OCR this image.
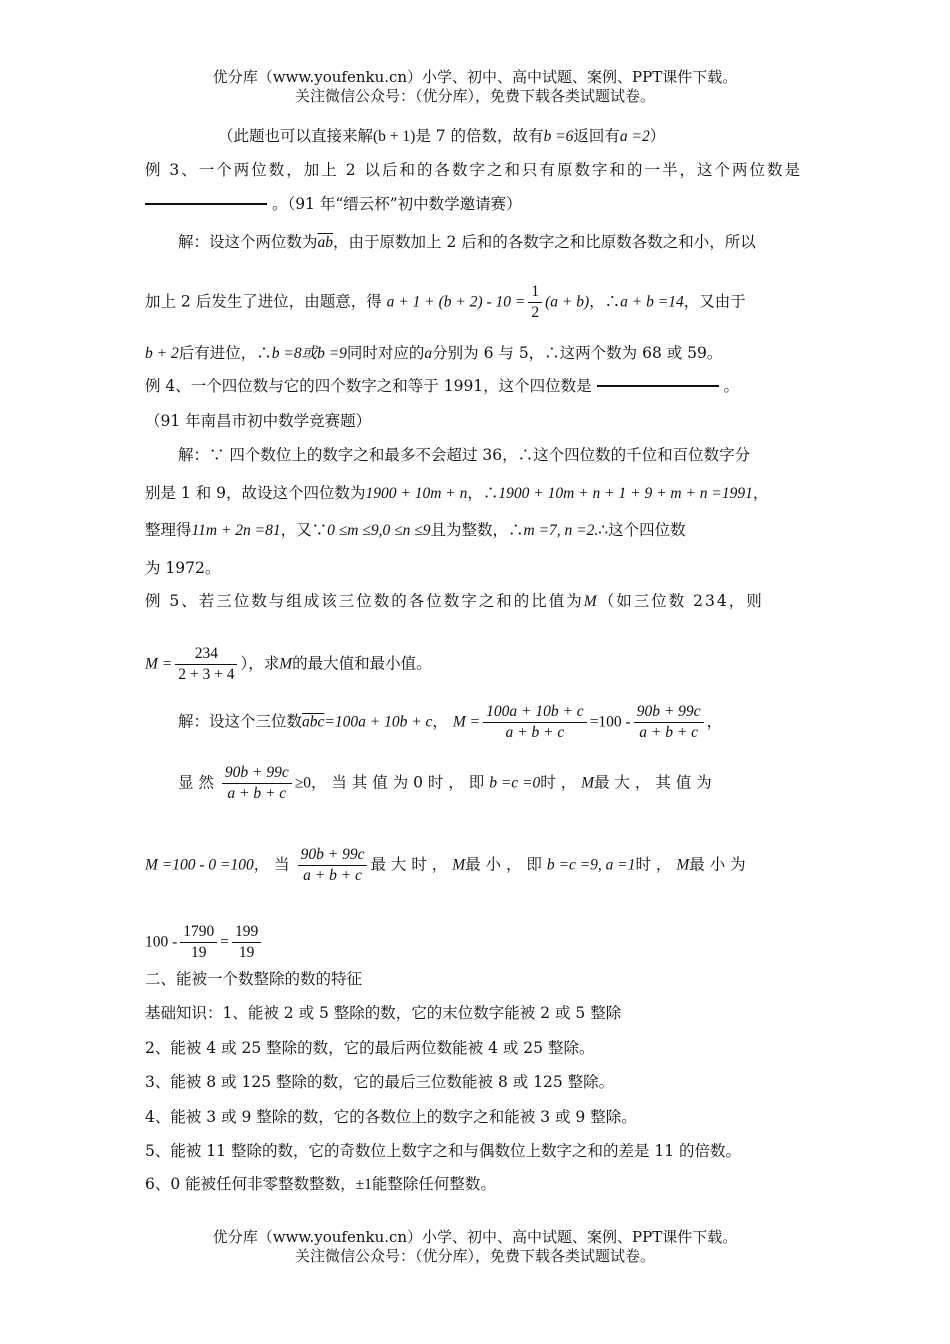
优分库（www.youfenku.cn）小学、初中、高中试题、案例、PPT课件下载。
关注微信公众号：（优分库），免费下载各类试题试卷。
（此题也可以直接来解(b + 1)是 7 的倍数，故有b =6返回有a =2）
例 3、一个两位数，加上 2 以后和的各数字之和只有原数字和的一半，这个两位数是
。（91 年“缙云杯”初中数学邀请赛）
解：设这个两位数为$\overline{ab}$，由于原数加上 2 后和的各数字之和比原数各数之和小，所以
加上 2 后发生了进位，由题意，得 $a + 1 + (b + 2) - 10 = \frac{1}{2} (a + b)$，∴a + b =14，又由于
b + 2后有进位，∴b =8或b =9同时对应的a分别为 6 与 5，∴这两个数为 68 或 59。
例 4、一个四位数与它的四个数字之和等于 1991，这个四位数是	。
（91 年南昌市初中数学竞赛题）
解：∵ 四个数位上的数字之和最多不会超过 36，∴这个四位数的千位和百位数字分
别是 1 和 9，故设这个四位数为1900 + 10m + n，∴1900 + 10m + n + 1 + 9 + m + n =1991，
整理得11m + 2n =81，又∵0 ≤m ≤9,0 ≤n ≤9且为整数，∴m =7, n =2.∴这个四位数
为 1972。
例 5、若三位数与组成该三位数的各位数字之和的比值为M（如三位数 234，则
$M = \frac{234}{2 + 3 + 4}$ ），求M的最大值和最小值。
解：设这个三位数$\overline{abc}=100a + 10b + c$， $M = \frac{100a + 10b + c}{a + b + c} =100 - \frac{90b + 99c}{a + b + c}$ ，
显 然 $\frac{90b + 99c}{a + b + c} \ge 0$， 当 其 值 为 0 时 ， 即 b =c =0时 ， M最 大 ， 其 值 为
M =100 - 0 =100， 当 $\frac{90b + 99c}{a + b + c}$ 最 大 时 ， M最 小 ， 即 b =c =9, a =1时 ， M最 小 为
$100 - \frac{1790}{19} = \frac{199}{19}$
二、能被一个数整除的数的特征
基础知识：1、能被 2 或 5 整除的数，它的末位数字能被 2 或 5 整除
2、能被 4 或 25 整除的数，它的最后两位数能被 4 或 25 整除。
3、能被 8 或 125 整除的数，它的最后三位数能被 8 或 125 整除。
4、能被 3 或 9 整除的数，它的各数位上的数字之和能被 3 或 9 整除。
5、能被 11 整除的数，它的奇数位上数字之和与偶数位上数字之和的差是 11 的倍数。
6、0 能被任何非零整数整数，±1能整除任何整数。
优分库（www.youfenku.cn）小学、初中、高中试题、案例、PPT课件下载。
关注微信公众号：（优分库），免费下载各类试题试卷。
